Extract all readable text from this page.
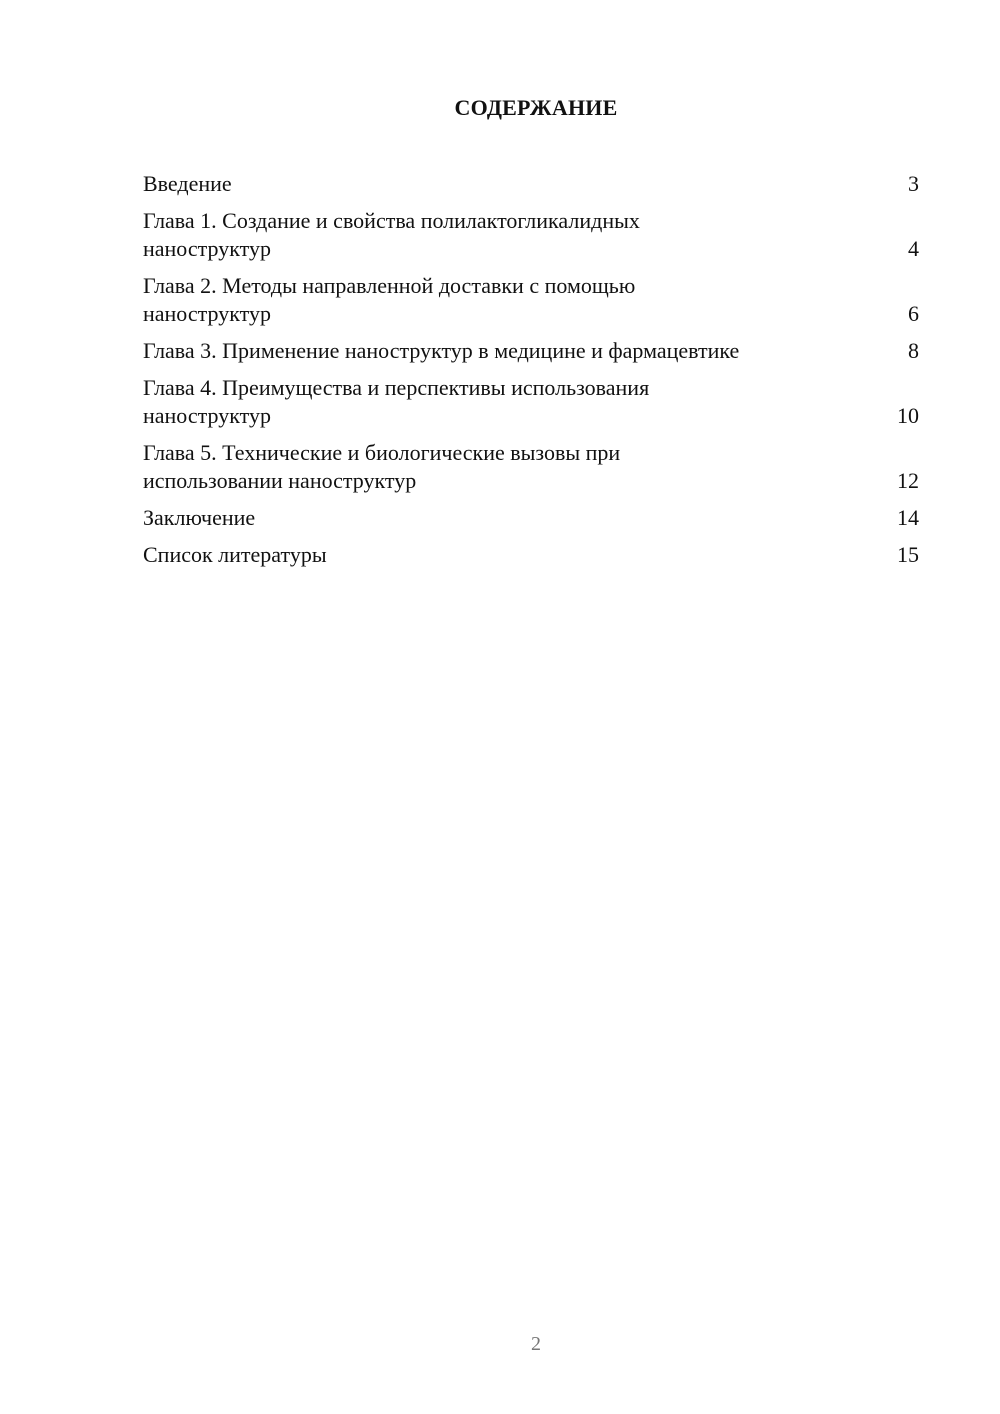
СОДЕРЖАНИЕ
Введение	3
Глава 1. Создание и свойства полилактогликалидных
наноструктур	4
Глава 2. Методы направленной доставки с помощью
наноструктур	6
Глава 3. Применение наноструктур в медицине и фармацевтике	8
Глава 4. Преимущества и перспективы использования
наноструктур	10
Глава 5. Технические и биологические вызовы при
использовании наноструктур	12
Заключение	14
Список литературы	15
2
